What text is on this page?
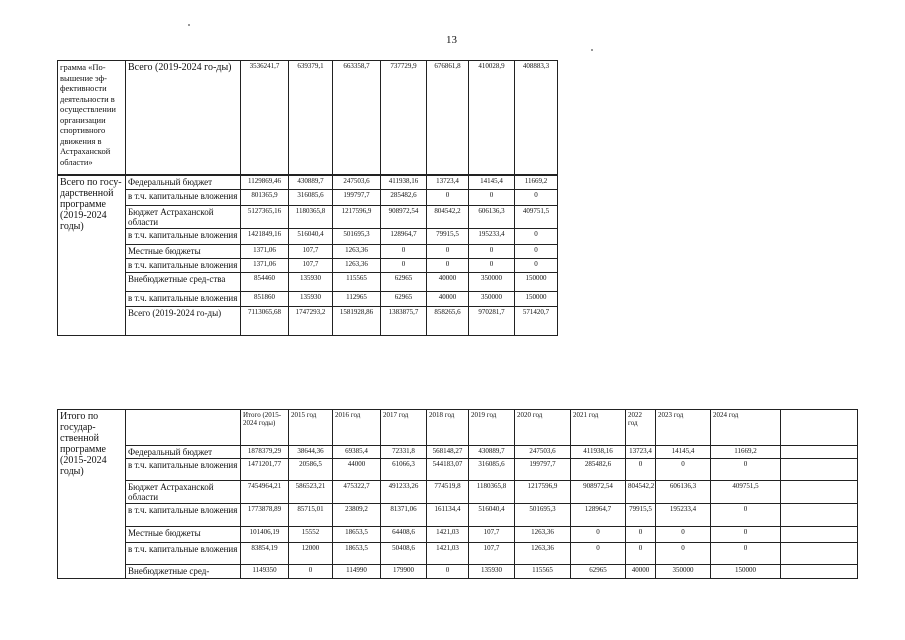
13
грамма «По-вышение эф-фективности деятельности в осуществлении организации спортивного движения в Астраханской области»	Всего (2019-2024 го-ды)	3536241,7	639379,1	663358,7	737729,9	676861,8	410028,9	408883,3
Всего по госу-дарственной программе (2019-2024 годы)	Федеральный бюджет	1129869,46	430889,7	247503,6	411938,16	13723,4	14145,4	11669,2
	в т.ч. капитальные вложения	801365,9	316085,6	199797,7	285482,6	0	0	0
	Бюджет Астраханской области	5127365,16	1180365,8	1217596,9	908972,54	804542,2	606136,3	409751,5
	в т.ч. капитальные вложения	1421849,16	516040,4	501695,3	128964,7	79915,5	195233,4	0
	Местные бюджеты	1371,06	107,7	1263,36	0	0	0	0
	в т.ч. капитальные вложения	1371,06	107,7	1263,36	0	0	0	0
	Внебюджетные сред-ства	854460	135930	115565	62965	40000	350000	150000
	в т.ч. капитальные вложения	851860	135930	112965	62965	40000	350000	150000
	Всего (2019-2024 го-ды)	7113065,68	1747293,2	1581928,86	1383875,7	858265,6	970281,7	571420,7
Итого по государ-ственной программе (2015-2024 годы)		Итого (2015-2024 годы)	2015 год	2016 год	2017 год	2018 год	2019 год	2020 год	2021 год	2022 год	2023 год	2024 год	
	Федеральный бюджет	1878379,29	38644,36	69385,4	72331,8	568148,27	430889,7	247503,6	411938,16	13723,4	14145,4	11669,2	
	в т.ч. капитальные вложения	1471201,77	20586,5	44000	61066,3	544183,07	316085,6	199797,7	285482,6	0	0	0	
	Бюджет Астраханской области	7454964,21	586523,21	475322,7	491233,26	774519,8	1180365,8	1217596,9	908972,54	804542,2	606136,3	409751,5	
	в т.ч. капитальные вложения	1773878,89	85715,01	23809,2	81371,06	161134,4	516040,4	501695,3	128964,7	79915,5	195233,4	0	
	Местные бюджеты	101406,19	15552	18653,5	64408,6	1421,03	107,7	1263,36	0	0	0	0	
	в т.ч. капитальные вложения	83854,19	12000	18653,5	50408,6	1421,03	107,7	1263,36	0	0	0	0	
	Внебюджетные сред-	1149350	0	114990	179900	0	135930	115565	62965	40000	350000	150000	
